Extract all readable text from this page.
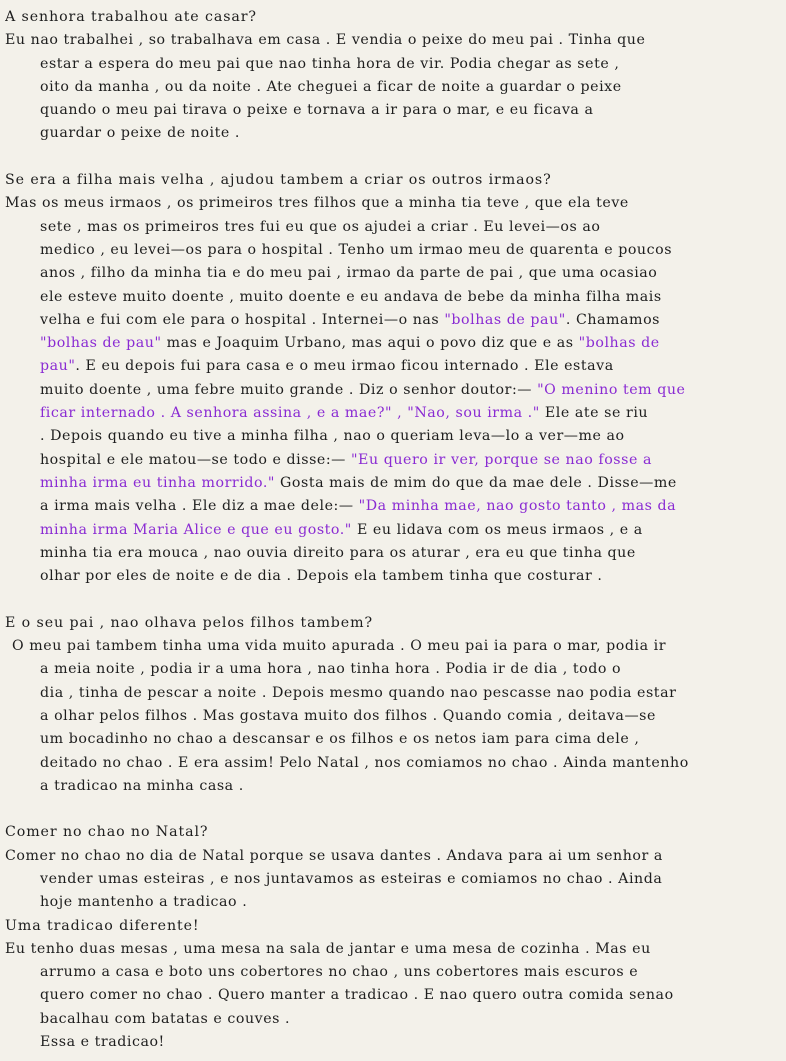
A senhora trabalhou ate casar?
Eu nao trabalhei , so trabalhava em casa . E vendia o peixe do meu pai . Tinha que
estar a espera do meu pai que nao tinha hora de vir. Podia chegar as sete ,
oito da manha , ou da noite . Ate cheguei a ficar de noite a guardar o peixe
quando o meu pai tirava o peixe e tornava a ir para o mar, e eu ficava a
guardar o peixe de noite .
Se era a filha mais velha , ajudou tambem a criar os outros irmaos?
Mas os meus irmaos , os primeiros tres filhos que a minha tia teve , que ela teve
sete , mas os primeiros tres fui eu que os ajudei a criar . Eu levei—os ao
medico , eu levei—os para o hospital . Tenho um irmao meu de quarenta e poucos
anos , filho da minha tia e do meu pai , irmao da parte de pai , que uma ocasiao
ele esteve muito doente , muito doente e eu andava de bebe da minha filha mais
velha e fui com ele para o hospital . Internei—o nas "bolhas de pau". Chamamos
"bolhas de pau" mas e Joaquim Urbano, mas aqui o povo diz que e as "bolhas de
pau". E eu depois fui para casa e o meu irmao ficou internado . Ele estava
muito doente , uma febre muito grande . Diz o senhor doutor:— "O menino tem que
ficar internado . A senhora assina , e a mae?" , "Nao, sou irma ." Ele ate se riu
. Depois quando eu tive a minha filha , nao o queriam leva—lo a ver—me ao
hospital e ele matou—se todo e disse:— "Eu quero ir ver, porque se nao fosse a
minha irma eu tinha morrido." Gosta mais de mim do que da mae dele . Disse—me
a irma mais velha . Ele diz a mae dele:— "Da minha mae, nao gosto tanto , mas da
minha irma Maria Alice e que eu gosto." E eu lidava com os meus irmaos , e a
minha tia era mouca , nao ouvia direito para os aturar , era eu que tinha que
olhar por eles de noite e de dia . Depois ela tambem tinha que costurar .
E o seu pai , nao olhava pelos filhos tambem?
O meu pai tambem tinha uma vida muito apurada . O meu pai ia para o mar, podia ir
a meia noite , podia ir a uma hora , nao tinha hora . Podia ir de dia , todo o
dia , tinha de pescar a noite . Depois mesmo quando nao pescasse nao podia estar
a olhar pelos filhos . Mas gostava muito dos filhos . Quando comia , deitava—se
um bocadinho no chao a descansar e os filhos e os netos iam para cima dele ,
deitado no chao . E era assim! Pelo Natal , nos comiamos no chao . Ainda mantenho
a tradicao na minha casa .
Comer no chao no Natal?
Comer no chao no dia de Natal porque se usava dantes . Andava para ai um senhor a
vender umas esteiras , e nos juntavamos as esteiras e comiamos no chao . Ainda
hoje mantenho a tradicao .
Uma tradicao diferente!
Eu tenho duas mesas , uma mesa na sala de jantar e uma mesa de cozinha . Mas eu
arrumo a casa e boto uns cobertores no chao , uns cobertores mais escuros e
quero comer no chao . Quero manter a tradicao . E nao quero outra comida senao
bacalhau com batatas e couves .
Essa e tradicao!
